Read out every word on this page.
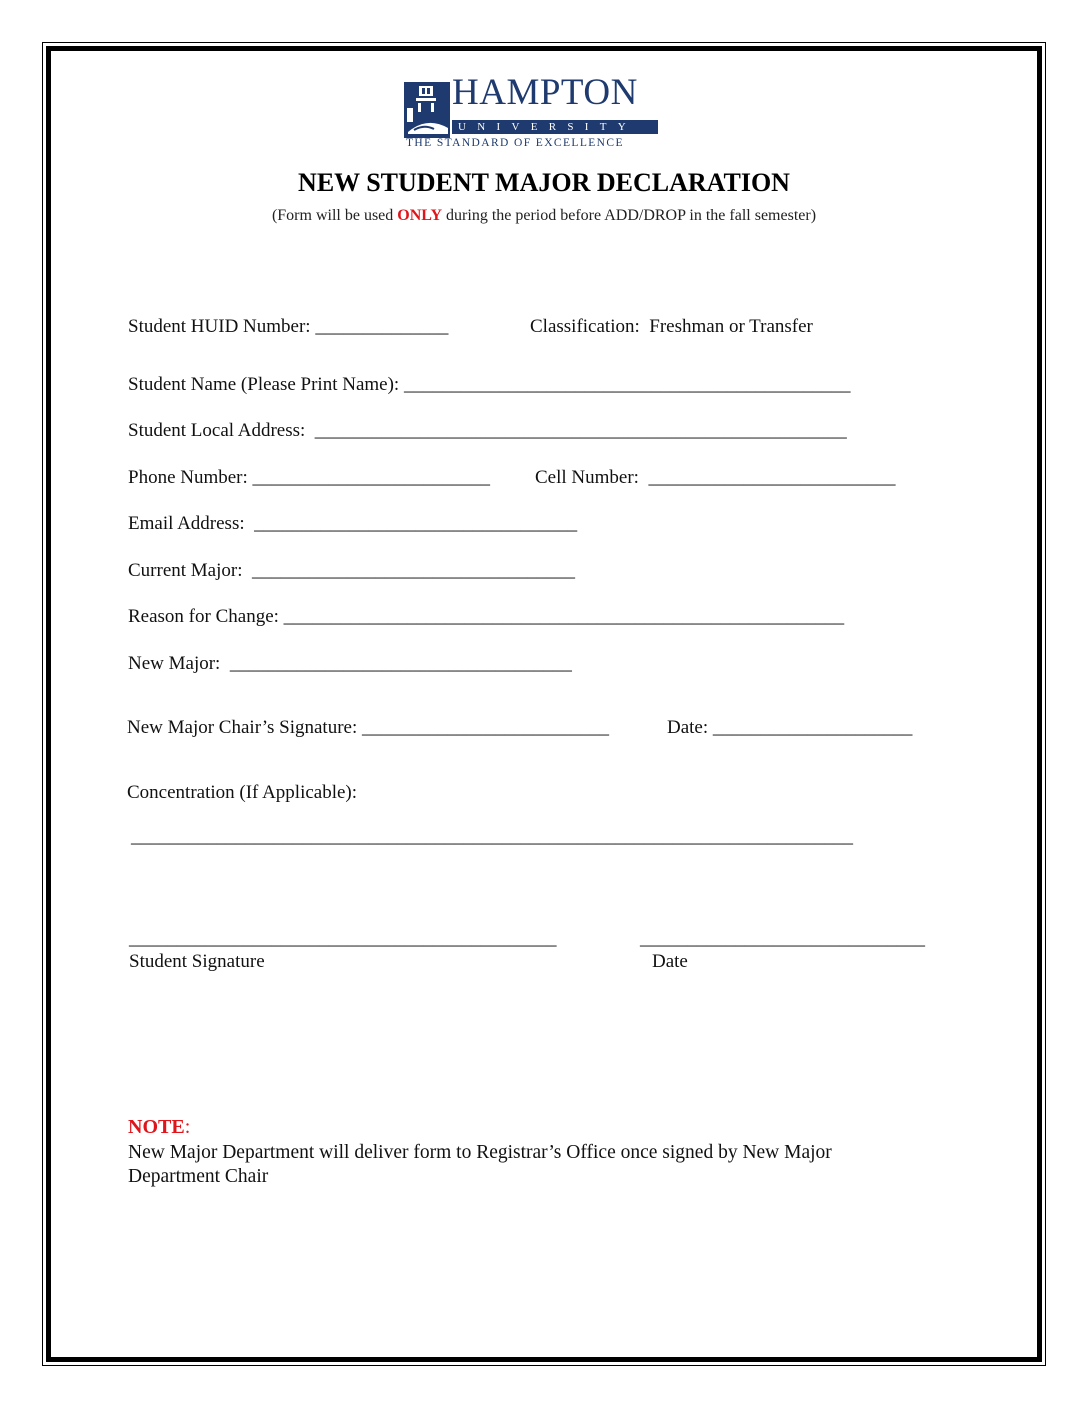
HAMPTON
UNIVERSITY
THE STANDARD OF EXCELLENCE
NEW STUDENT MAJOR DECLARATION
(Form will be used ONLY during the period before ADD/DROP in the fall semester)
Student HUID Number: ______________	Classification:  Freshman or Transfer
Student Name (Please Print Name): _______________________________________________
Student Local Address:  ________________________________________________________
Phone Number: _________________________ Cell Number:  __________________________
Email Address:  __________________________________
Current Major:  __________________________________
Reason for Change: ___________________________________________________________
New Major:  ____________________________________
New Major Chair’s Signature: __________________________	Date: _____________________
Concentration (If Applicable):
____________________________________________________________________________
_____________________________________________	______________________________
Student Signature	Date
NOTE:
New Major Department will deliver form to Registrar’s Office once signed by New Major Department Chair
